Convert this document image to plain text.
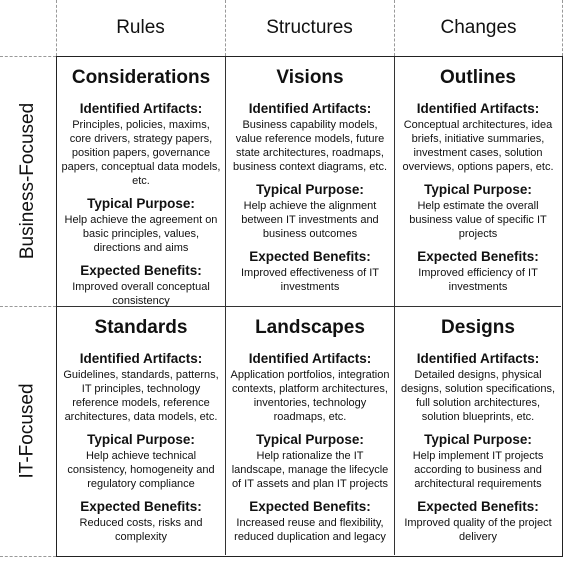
Rules	Structures	Changes
Business-Focused
IT-Focused
Considerations
Identified Artifacts:
Principles, policies, maxims, core drivers, strategy papers, position papers, governance papers, conceptual data models, etc.
Typical Purpose:
Help achieve the agreement on basic principles, values, directions and aims
Expected Benefits:
Improved overall conceptual consistency
Visions
Identified Artifacts:
Business capability models, value reference models, future state architectures, roadmaps, business context diagrams, etc.
Typical Purpose:
Help achieve the alignment between IT investments and business outcomes
Expected Benefits:
Improved effectiveness of IT investments
Outlines
Identified Artifacts:
Conceptual architectures, idea briefs, initiative summaries, investment cases, solution overviews, options papers, etc.
Typical Purpose:
Help estimate the overall business value of specific IT projects
Expected Benefits:
Improved efficiency of IT investments
Standards
Identified Artifacts:
Guidelines, standards, patterns, IT principles, technology reference models, reference architectures, data models, etc.
Typical Purpose:
Help achieve technical consistency, homogeneity and regulatory compliance
Expected Benefits:
Reduced costs, risks and complexity
Landscapes
Identified Artifacts:
Application portfolios, integration contexts, platform architectures, inventories, technology roadmaps, etc.
Typical Purpose:
Help rationalize the IT landscape, manage the lifecycle of IT assets and plan IT projects
Expected Benefits:
Increased reuse and flexibility, reduced duplication and legacy
Designs
Identified Artifacts:
Detailed designs, physical designs, solution specifications, full solution architectures, solution blueprints, etc.
Typical Purpose:
Help implement IT projects according to business and architectural requirements
Expected Benefits:
Improved quality of the project delivery
